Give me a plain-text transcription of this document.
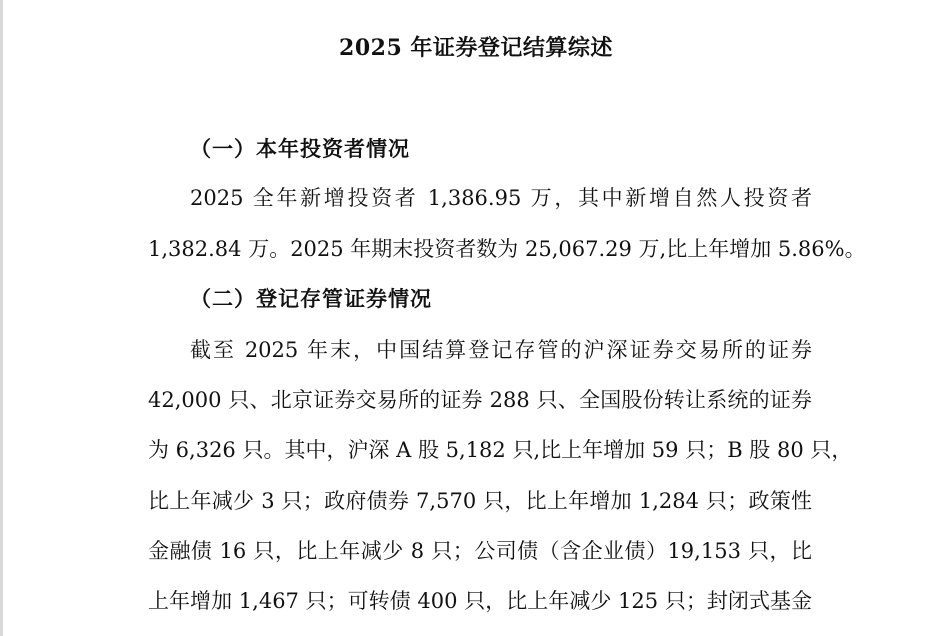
2025 年证券登记结算综述
（一）本年投资者情况
2025 全年新增投资者 1,386.95 万，其中新增自然人投资者
1,382.84 万。2025 年期末投资者数为 25,067.29 万,比上年增加 5.86%。
（二）登记存管证券情况
截至 2025 年末，中国结算登记存管的沪深证券交易所的证券
42,000 只、北京证券交易所的证券 288 只、全国股份转让系统的证券
为 6,326 只。其中，沪深 A 股 5,182 只,比上年增加 59 只；B 股 80 只，
比上年减少 3 只；政府债券 7,570 只，比上年增加 1,284 只；政策性
金融债 16 只，比上年减少 8 只；公司债（含企业债）19,153 只，比
上年增加 1,467 只；可转债 400 只，比上年减少 125 只；封闭式基金
